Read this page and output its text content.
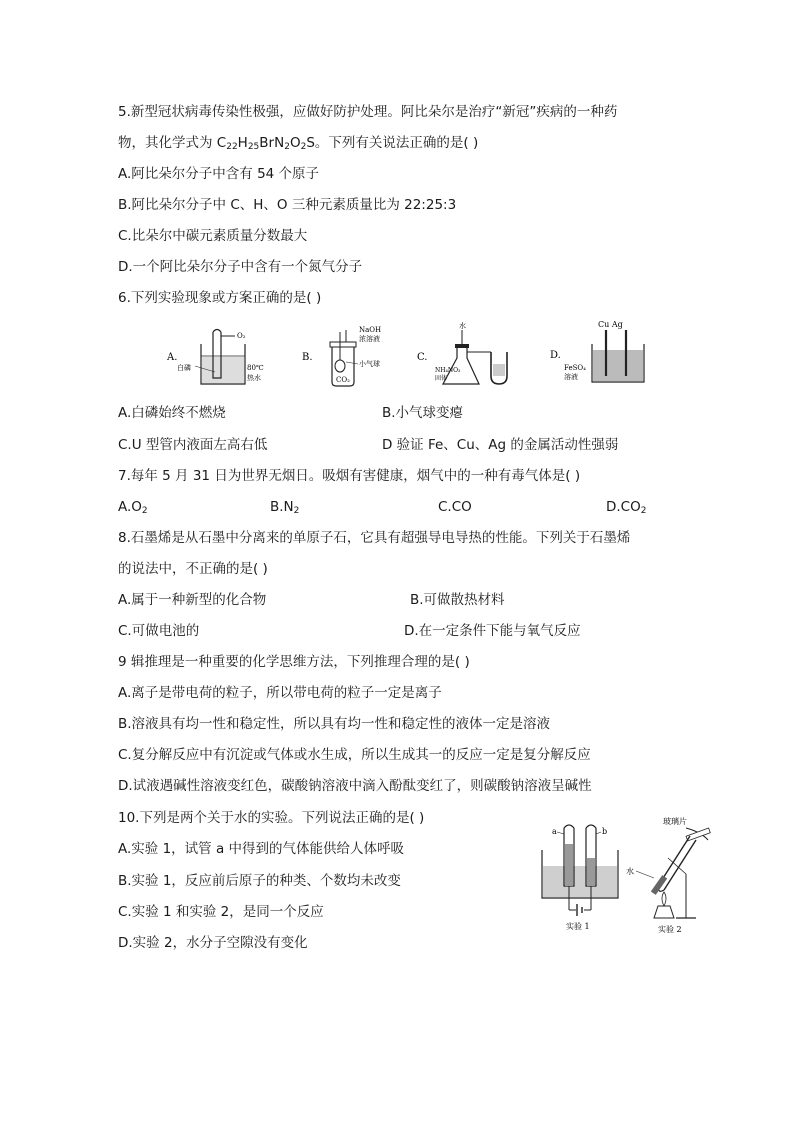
5.新型冠状病毒传染性极强，应做好防护处理。阿比朵尔是治疗“新冠”疾病的一种药
物，其化学式为 $C_{22}H_{25}BrN_2O_2S$。下列有关说法正确的是( )
A.阿比朵尔分子中含有 54 个原子
B.阿比朵尔分子中 C、H、O 三种元素质量比为 22:25:3
C.比朵尔中碳元素质量分数最大
D.一个阿比朵尔分子中含有一个氮气分子
6.下列实验现象或方案正确的是( )
A.
白磷
O₂
80℃
热水
B.
NaOH
浓溶液
小气球
CO₂
C.
水
NH₄NO₃
固体
D.
Cu Ag
FeSO₄
溶液
A.白磷始终不燃烧	B.小气球变瘪
C.U 型管内液面左高右低	D 验证 Fe、Cu、Ag 的金属活动性强弱
7.每年 5 月 31 日为世界无烟日。吸烟有害健康，烟气中的一种有毒气体是( )
$A.O_2$	$B.N_2$	C.CO	$D.CO_2$
8.石墨烯是从石墨中分离来的单原子石，它具有超强导电导热的性能。下列关于石墨烯
的说法中，不正确的是( )
A.属于一种新型的化合物	B.可做散热材料
C.可做电池的	D.在一定条件下能与氧气反应
9 辑推理是一种重要的化学思维方法，下列推理合理的是( )
A.离子是带电荷的粒子，所以带电荷的粒子一定是离子
B.溶液具有均一性和稳定性，所以具有均一性和稳定性的液体一定是溶液
C.复分解反应中有沉淀或气体或水生成，所以生成其一的反应一定是复分解反应
D.试液遇碱性溶液变红色，碳酸钠溶液中滴入酚酞变红了，则碳酸钠溶液呈碱性
10.下列是两个关于水的实验。下列说法正确的是( )
A.实验 1，试管 a 中得到的气体能供给人体呼吸
B.实验 1，反应前后原子的种类、个数均未改变
C.实验 1 和实验 2，是同一个反应
D.实验 2，水分子空隙没有变化
a	b
实验 1
玻璃片
水
实验 2
